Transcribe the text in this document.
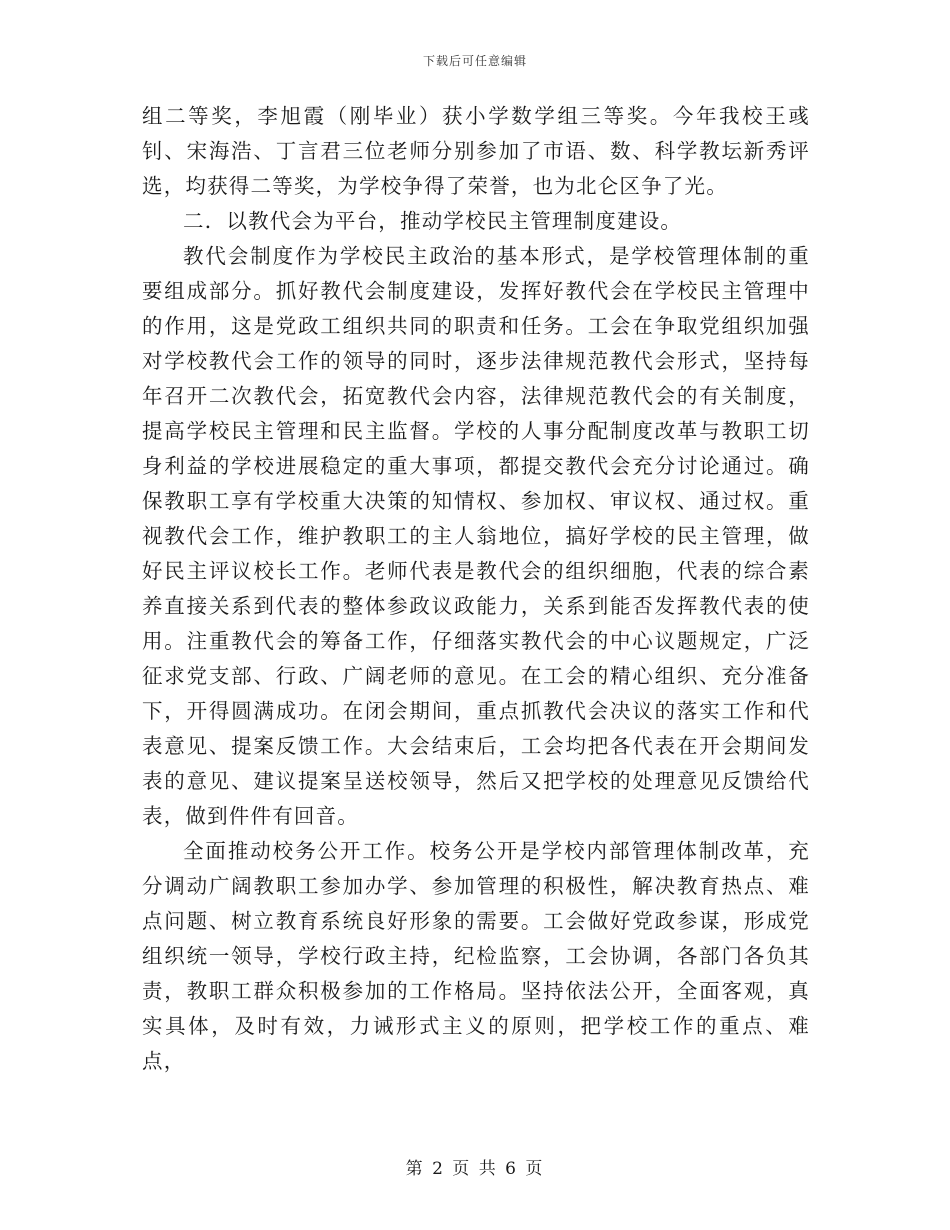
下载后可任意编辑

组二等奖，李旭霞（刚毕业）获小学数学组三等奖。今年我校王彧钊、宋海浩、丁言君三位老师分别参加了市语、数、科学教坛新秀评选，均获得二等奖，为学校争得了荣誉，也为北仑区争了光。

二．以教代会为平台，推动学校民主管理制度建设。

教代会制度作为学校民主政治的基本形式，是学校管理体制的重要组成部分。抓好教代会制度建设，发挥好教代会在学校民主管理中的作用，这是党政工组织共同的职责和任务。工会在争取党组织加强对学校教代会工作的领导的同时，逐步法律规范教代会形式，坚持每年召开二次教代会，拓宽教代会内容，法律规范教代会的有关制度，提高学校民主管理和民主监督。学校的人事分配制度改革与教职工切身利益的学校进展稳定的重大事项，都提交教代会充分讨论通过。确保教职工享有学校重大决策的知情权、参加权、审议权、通过权。重视教代会工作，维护教职工的主人翁地位，搞好学校的民主管理，做好民主评议校长工作。老师代表是教代会的组织细胞，代表的综合素养直接关系到代表的整体参政议政能力，关系到能否发挥教代表的使用。注重教代会的筹备工作，仔细落实教代会的中心议题规定，广泛征求党支部、行政、广阔老师的意见。在工会的精心组织、充分准备下，开得圆满成功。在闭会期间，重点抓教代会决议的落实工作和代表意见、提案反馈工作。大会结束后，工会均把各代表在开会期间发表的意见、建议提案呈送校领导，然后又把学校的处理意见反馈给代表，做到件件有回音。

全面推动校务公开工作。校务公开是学校内部管理体制改革，充分调动广阔教职工参加办学、参加管理的积极性，解决教育热点、难点问题、树立教育系统良好形象的需要。工会做好党政参谋，形成党组织统一领导，学校行政主持，纪检监察，工会协调，各部门各负其责，教职工群众积极参加的工作格局。坚持依法公开，全面客观，真实具体，及时有效，力诫形式主义的原则，把学校工作的重点、难点，

第 2 页 共 6 页
